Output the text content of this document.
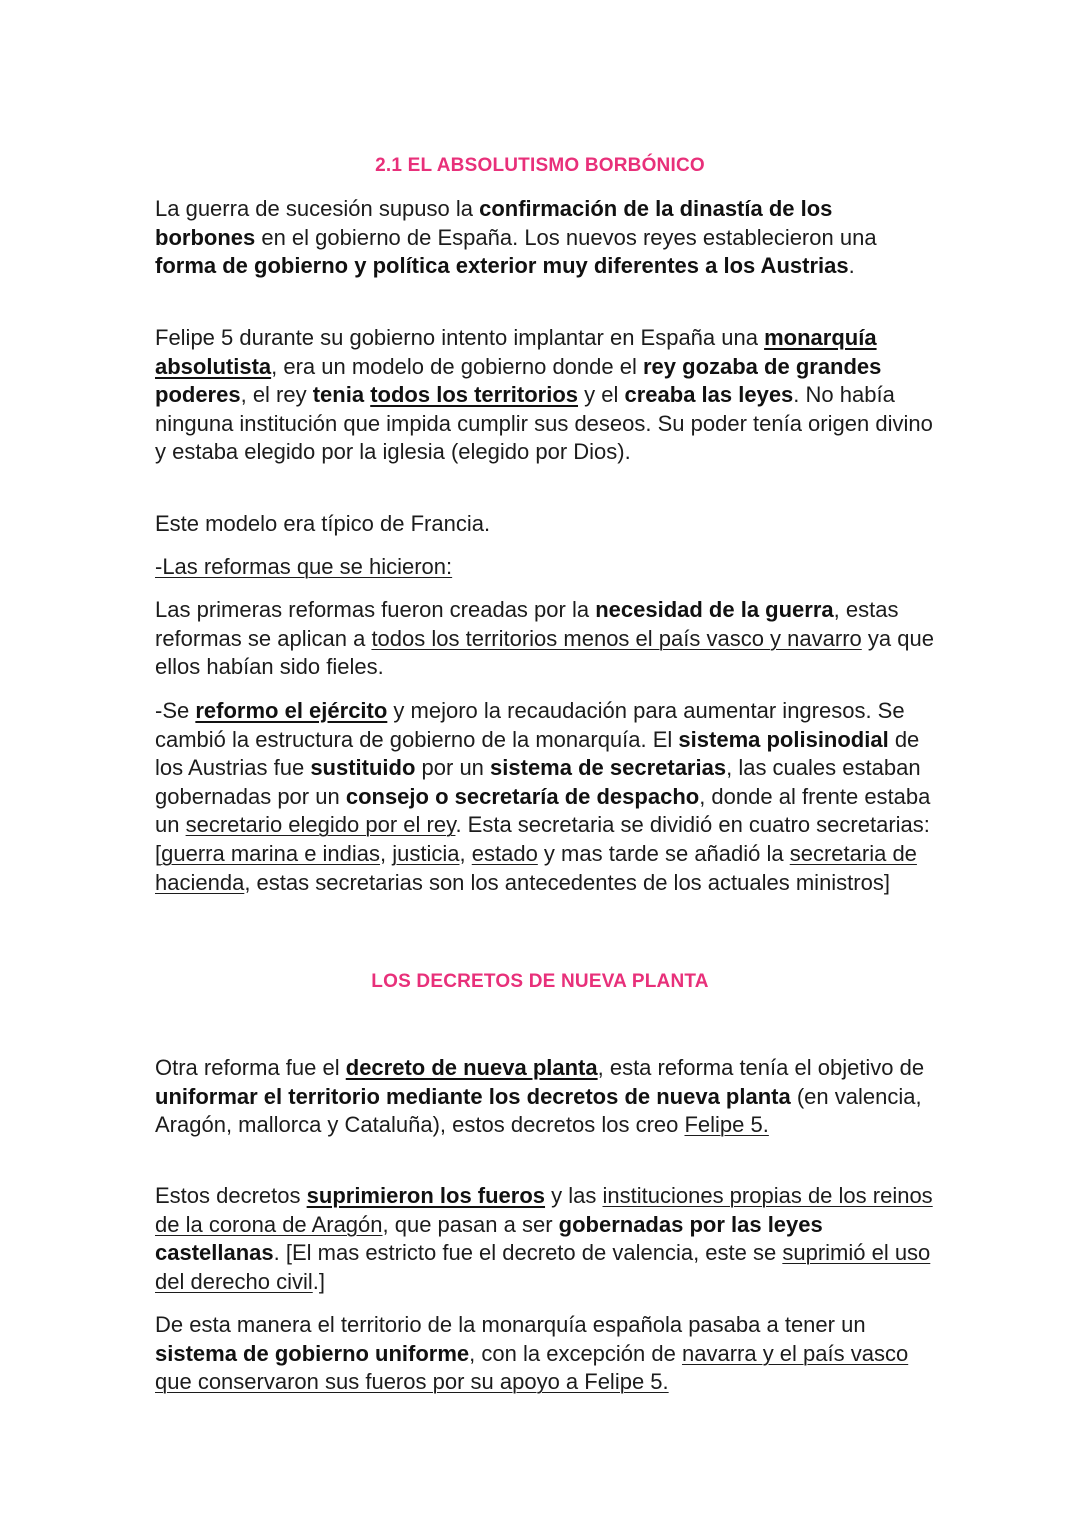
2.1 EL ABSOLUTISMO BORBÓNICO

La guerra de sucesión supuso la confirmación de la dinastía de los borbones en el gobierno de España. Los nuevos reyes establecieron una forma de gobierno y política exterior muy diferentes a los Austrias.

Felipe 5 durante su gobierno intento implantar en España una monarquía absolutista, era un modelo de gobierno donde el rey gozaba de grandes poderes, el rey tenia todos los territorios y el creaba las leyes. No había ninguna institución que impida cumplir sus deseos. Su poder tenía origen divino y estaba elegido por la iglesia (elegido por Dios).

Este modelo era típico de Francia.

-Las reformas que se hicieron:

Las primeras reformas fueron creadas por la necesidad de la guerra, estas reformas se aplican a todos los territorios menos el país vasco y navarro ya que ellos habían sido fieles.

-Se reformo el ejército y mejoro la recaudación para aumentar ingresos. Se cambió la estructura de gobierno de la monarquía. El sistema polisinodial de los Austrias fue sustituido por un sistema de secretarias, las cuales estaban gobernadas por un consejo o secretaría de despacho, donde al frente estaba un secretario elegido por el rey. Esta secretaria se dividió en cuatro secretarias: [guerra marina e indias, justicia, estado y mas tarde se añadió la secretaria de hacienda, estas secretarias son los antecedentes de los actuales ministros]

LOS DECRETOS DE NUEVA PLANTA

Otra reforma fue el decreto de nueva planta, esta reforma tenía el objetivo de uniformar el territorio mediante los decretos de nueva planta (en valencia, Aragón, mallorca y Cataluña), estos decretos los creo Felipe 5.

Estos decretos suprimieron los fueros y las instituciones propias de los reinos de la corona de Aragón, que pasan a ser gobernadas por las leyes castellanas. [El mas estricto fue el decreto de valencia, este se suprimió el uso del derecho civil.]

De esta manera el territorio de la monarquía española pasaba a tener un sistema de gobierno uniforme, con la excepción de navarra y el país vasco que conservaron sus fueros por su apoyo a Felipe 5.
